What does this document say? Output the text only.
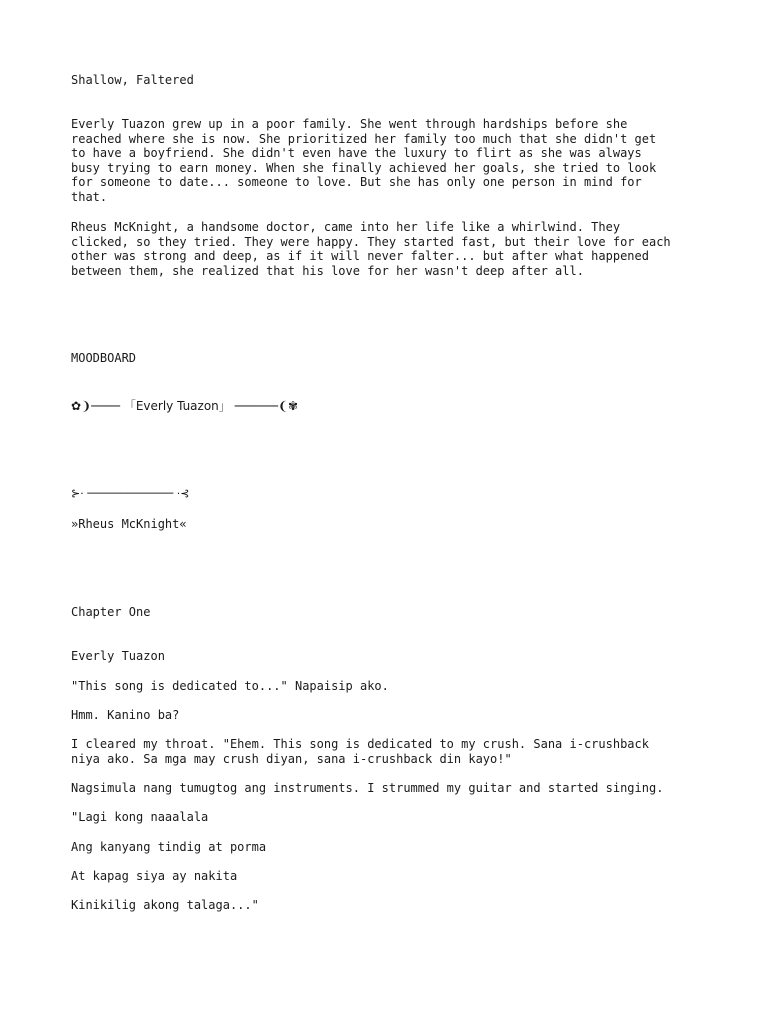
Shallow, Faltered

Everly Tuazon grew up in a poor family. She went through hardships before she
reached where she is now. She prioritized her family too much that she didn't get
to have a boyfriend. She didn't even have the luxury to flirt as she was always
busy trying to earn money. When she finally achieved her goals, she tried to look
for someone to date... someone to love. But she has only one person in mind for
that.

Rheus McKnight, a handsome doctor, came into her life like a whirlwind. They
clicked, so they tried. They were happy. They started fast, but their love for each
other was strong and deep, as if it will never falter... but after what happened
between them, she realized that his love for her wasn't deep after all.

MOODBOARD

✿❩──── 「Everly Tuazon」 ──────❨✾

⊱· ───────────── ·⊰

»Rheus McKnight«

Chapter One

Everly Tuazon

"This song is dedicated to..." Napaisip ako.

Hmm. Kanino ba?

I cleared my throat. "Ehem. This song is dedicated to my crush. Sana i-crushback
niya ako. Sa mga may crush diyan, sana i-crushback din kayo!"

Nagsimula nang tumugtog ang instruments. I strummed my guitar and started singing.

"Lagi kong naaalala

Ang kanyang tindig at porma

At kapag siya ay nakita

Kinikilig akong talaga..."
